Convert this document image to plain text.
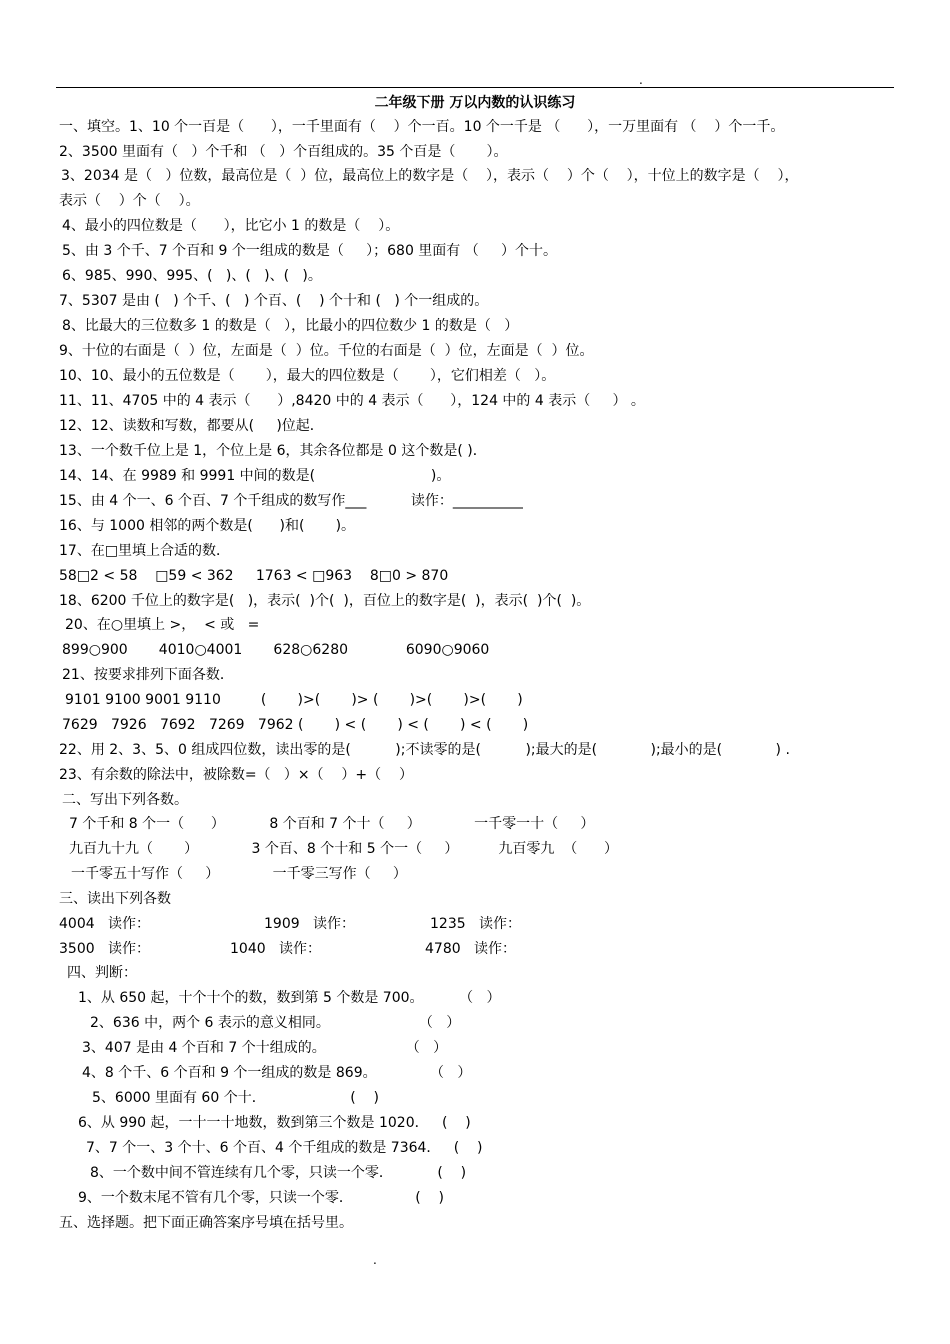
.
二年级下册 万以内数的认识练习
一、填空。1、10 个一百是（      ），一千里面有（    ）个一百。10 个一千是 （      ），一万里面有 （    ）个一千。
2、3500 里面有（   ）个千和 （   ）个百组成的。35 个百是（       ）。
3、2034 是（   ）位数，最高位是（  ）位，最高位上的数字是（    ），表示（    ）个（    ），十位上的数字是（    ），
表示（    ）个（    ）。
4、最小的四位数是（      ），比它小 1 的数是（    ）。
5、由 3 个千、7 个百和 9 个一组成的数是（     ）；680 里面有 （     ）个十。
6、985、990、995、(   )、(   )、(   )。
7、5307 是由 (   ) 个千、(   ) 个百、(    ) 个十和 (   ) 个一组成的。
8、比最大的三位数多 1 的数是（   ），比最小的四位数少 1 的数是（   ）
9、十位的右面是（  ）位，左面是（  ）位。千位的右面是（  ）位，左面是（  ）位。
10、10、最小的五位数是（       ），最大的四位数是（       ），它们相差（   ）。
11、11、4705 中的 4 表示（      ）,8420 中的 4 表示（      ），124 中的 4 表示（     ） 。
12、12、读数和写数，都要从(     )位起．
13、一个数千位上是 1，个位上是 6，其余各位都是 0 这个数是( )．
14、14、在 9989 和 9991 中间的数是(                          )。
15、由 4 个一、6 个百、7 个千组成的数写作___          读作：__________
16、与 1000 相邻的两个数是(      )和(       )。
17、在□里填上合适的数．
58□2 < 58    □59 < 362     1763 < □963    8□0 > 870
18、6200 千位上的数字是(   )，表示(  )个(  )，百位上的数字是(  )，表示(  )个(  )。
20、在○里填上 >，  < 或   =
899○900       4010○4001       628○6280             6090○9060
21、按要求排列下面各数．
9101 9100 9001 9110         (       )>(       )> (       )>(       )>(       )
7629   7926   7692   7269   7962 (       ) < (       ) < (       ) < (       )
22、用 2、3、5、0 组成四位数，读出零的是(          );不读零的是(          );最大的是(            );最小的是(            ) .
23、有余数的除法中，被除数=（   ）×（    ）+（    ）
二、写出下列各数。
7 个千和 8 个一（      ）          8 个百和 7 个十（     ）            一千零一十（     ）
九百九十九（       ）            3 个百、8 个十和 5 个一（     ）         九百零九  （      ）
一千零五十写作（     ）            一千零三写作（     ）
三、读出下列各数
4004   读作：	1909   读作：	1235   读作：
3500   读作：	1040   读作：	4780   读作：
四、判断：
1、从 650 起，十个十个的数，数到第 5 个数是 700。        （   ）
2、636 中，两个 6 表示的意义相同。                    （   ）
3、407 是由 4 个百和 7 个十组成的。                  （   ）
4、8 个千、6 个百和 9 个一组成的数是 869。            （   ）
5、6000 里面有 60 个十．                   (    )
6、从 990 起，一十一十地数，数到第三个数是 1020．   (    )
7、7 个一、3 个十、6 个百、4 个千组成的数是 7364．   (    )
8、一个数中间不管连续有几个零，只读一个零．          (    )
9、一个数末尾不管有几个零，只读一个零．              (    )
五、选择题。把下面正确答案序号填在括号里。
.
